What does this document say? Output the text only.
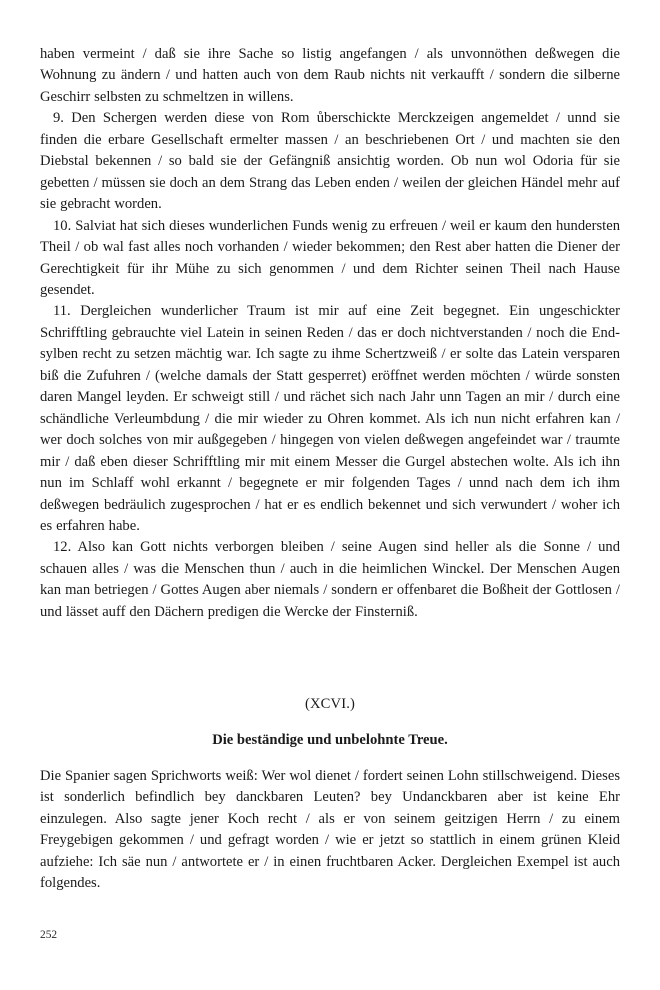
haben vermeint / daß sie ihre Sache so listig angefangen / als unvonnöthen deßwegen die Wohnung zu ändern / und hatten auch von dem Raub nichts nit verkaufft / sondern die silberne Geschirr selbsten zu schmeltzen in willens.

9. Den Schergen werden diese von Rom ůberschickte Merckzeigen angemeldet / unnd sie finden die erbare Gesellschaft ermelter massen / an beschriebenen Ort / und machten sie den Diebstal bekennen / so bald sie der Gefängniß ansichtig worden. Ob nun wol Odoria für sie gebetten / müssen sie doch an dem Strang das Leben enden / weilen der gleichen Händel mehr auf sie gebracht worden.

10. Salviat hat sich dieses wunderlichen Funds wenig zu erfreuen / weil er kaum den hundersten Theil / ob wal fast alles noch vorhanden / wieder bekommen; den Rest aber hatten die Diener der Gerechtigkeit für ihr Mühe zu sich genommen / und dem Richter seinen Theil nach Hause gesendet.

11. Dergleichen wunderlicher Traum ist mir auf eine Zeit begegnet. Ein ungeschickter Schrifftling gebrauchte viel Latein in seinen Reden / das er doch nichtverstanden / noch die End-sylben recht zu setzen mächtig war. Ich sagte zu ihme Schertzweiß / er solte das Latein versparen biß die Zufuhren / (welche damals der Statt gesperret) eröffnet werden möchten / würde sonsten daren Mangel leyden. Er schweigt still / und rächet sich nach Jahr unn Tagen an mir / durch eine schändliche Verleumbdung / die mir wieder zu Ohren kommet. Als ich nun nicht erfahren kan / wer doch solches von mir außgegeben / hingegen von vielen deßwegen angefeindet war / traumte mir / daß eben dieser Schrifftling mir mit einem Messer die Gurgel abstechen wolte. Als ich ihn nun im Schlaff wohl erkannt / begegnete er mir folgenden Tages / unnd nach dem ich ihm deßwegen bedräulich zugesprochen / hat er es endlich bekennet und sich verwundert / woher ich es erfahren habe.

12. Also kan Gott nichts verborgen bleiben / seine Augen sind heller als die Sonne / und schauen alles / was die Menschen thun / auch in die heimlichen Winckel. Der Menschen Augen kan man betriegen / Gottes Augen aber niemals / sondern er offenbaret die Boßheit der Gottlosen / und lässet auff den Dächern predigen die Wercke der Finsterniß.

(XCVI.)
Die beständige und unbelohnte Treue.

Die Spanier sagen Sprichworts weiß: Wer wol dienet / fordert seinen Lohn stillschweigend. Dieses ist sonderlich befindlich bey danckbaren Leuten? bey Undanckbaren aber ist keine Ehr einzulegen. Also sagte jener Koch recht / als er von seinem geitzigen Herrn / zu einem Freygebigen gekommen / und gefragt worden / wie er jetzt so stattlich in einem grünen Kleid aufziehe: Ich säe nun / antwortete er / in einen fruchtbaren Acker. Dergleichen Exempel ist auch folgendes.

252
